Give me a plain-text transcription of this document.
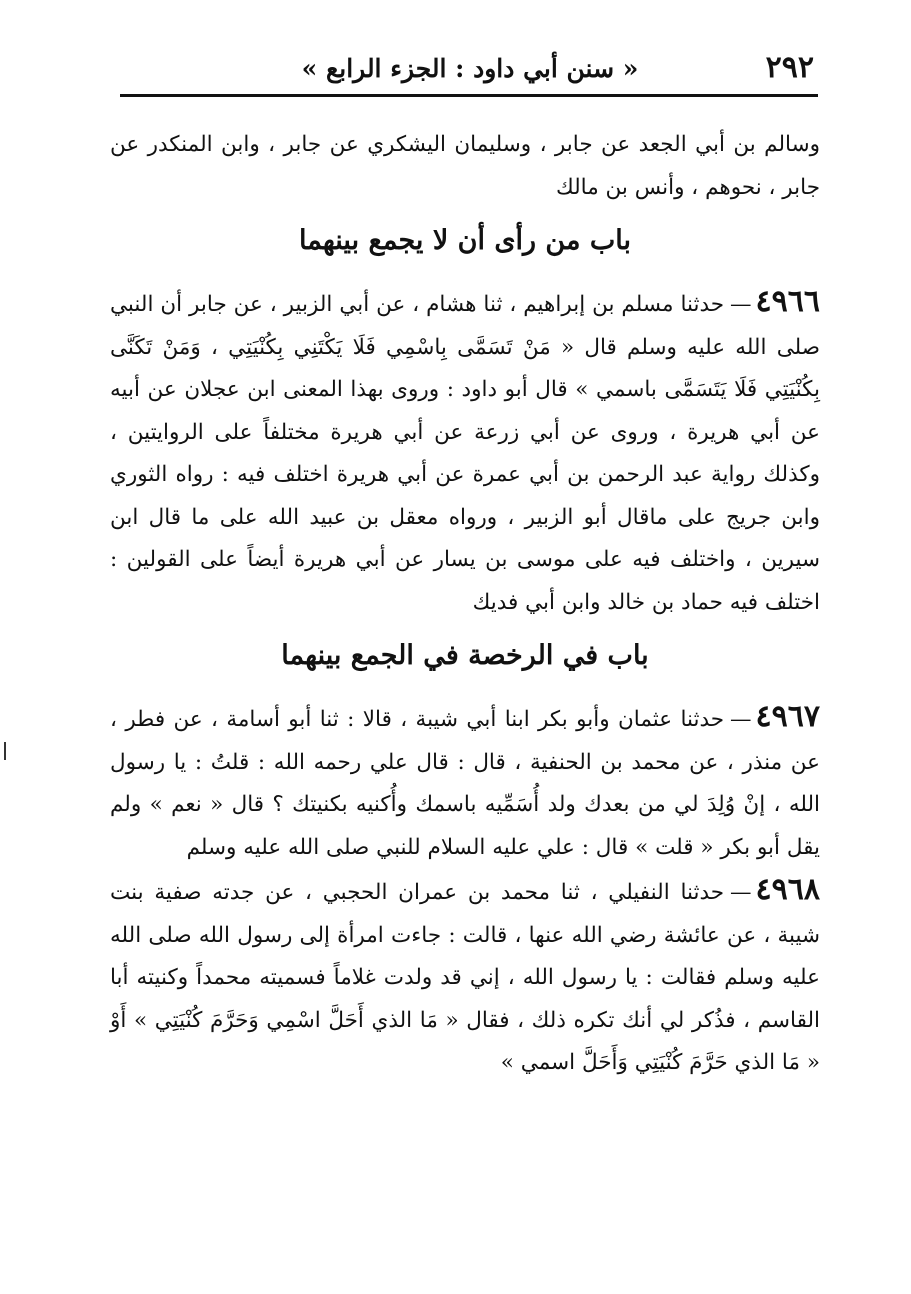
٢٩٢
« سنن أبي داود : الجزء الرابع »

وسالم بن أبي الجعد عن جابر ، وسليمان اليشكري عن جابر ، وابن المنكدر عن جابر ، نحوهم ، وأنس بن مالك

باب من رأى أن لا يجمع بينهما

٤٩٦٦—حدثنا مسلم بن إبراهيم ، ثنا هشام ، عن أبي الزبير ، عن جابر أن النبي صلى الله عليه وسلم قال « مَنْ تَسَمَّى بِاسْمِي فَلَا يَكْتَنِي بِكُنْيَتِي ، وَمَنْ تَكَنَّى بِكُنْيَتِي فَلَا يَتَسَمَّى باسمي » قال أبو داود : وروى بهذا المعنى ابن عجلان عن أبيه عن أبي هريرة ، وروى عن أبي زرعة عن أبي هريرة مختلفاً على الروايتين ، وكذلك رواية عبد الرحمن بن أبي عمرة عن أبي هريرة اختلف فيه : رواه الثوري وابن جريج على ماقال أبو الزبير ، ورواه معقل بن عبيد الله على ما قال ابن سيرين ، واختلف فيه على موسى بن يسار عن أبي هريرة أيضاً على القولين : اختلف فيه حماد بن خالد وابن أبي فديك

باب في الرخصة في الجمع بينهما

٤٩٦٧—حدثنا عثمان وأبو بكر ابنا أبي شيبة ، قالا : ثنا أبو أسامة ، عن فطر ، عن منذر ، عن محمد بن الحنفية ، قال : قال علي رحمه الله : قلتُ : يا رسول الله ، إنْ وُلِدَ لي من بعدك ولد أُسَمِّيه باسمك وأُكنيه بكنيتك ؟ قال « نعم » ولم يقل أبو بكر « قلت » قال : علي عليه السلام للنبي صلى الله عليه وسلم

٤٩٦٨—حدثنا النفيلي ، ثنا محمد بن عمران الحجبي ، عن جدته صفية بنت شيبة ، عن عائشة رضي الله عنها ، قالت : جاءت امرأة إلى رسول الله صلى الله عليه وسلم فقالت : يا رسول الله ، إني قد ولدت غلاماً فسميته محمداً وكنيته أبا القاسم ، فذُكر لي أنك تكره ذلك ، فقال « مَا الذي أَحَلَّ اسْمِي وَحَرَّمَ كُنْيَتِي » أَوْ « مَا الذي حَرَّمَ كُنْيَتِي وَأَحَلَّ اسمي »
